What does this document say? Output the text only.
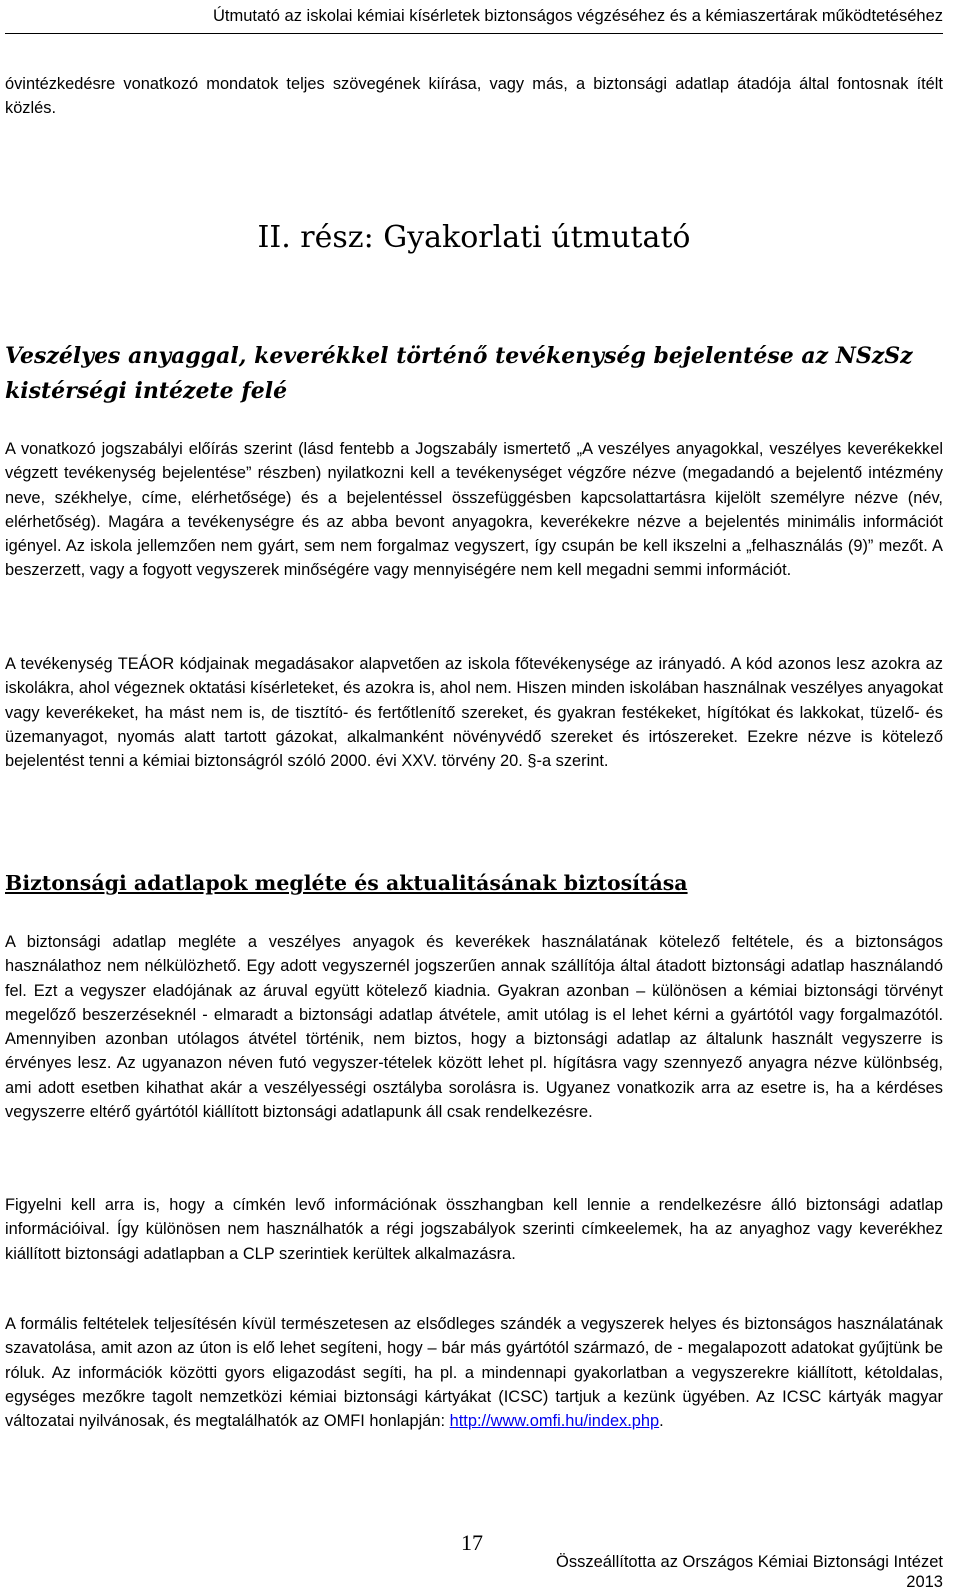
Útmutató az iskolai kémiai kísérletek biztonságos végzéséhez és a kémiaszertárak működtetéséhez

óvintézkedésre vonatkozó mondatok teljes szövegének kiírása, vagy más, a biztonsági adatlap átadója által fontosnak ítélt közlés.

II. rész: Gyakorlati útmutató
Veszélyes anyaggal, keverékkel történő tevékenység bejelentése az NSzSz kistérségi intézete felé

A vonatkozó jogszabályi előírás szerint (lásd fentebb a Jogszabály ismertető „A veszélyes anyagokkal, veszélyes keverékekkel végzett tevékenység bejelentése” részben) nyilatkozni kell a tevékenységet végzőre nézve (megadandó a bejelentő intézmény neve, székhelye, címe, elérhetősége) és a bejelentéssel összefüggésben kapcsolattartásra kijelölt személyre nézve (név, elérhetőség). Magára a tevékenységre és az abba bevont anyagokra, keverékekre nézve a bejelentés minimális információt igényel. Az iskola jellemzően nem gyárt, sem nem forgalmaz vegyszert, így csupán be kell ikszelni a „felhasználás (9)” mezőt. A beszerzett, vagy a fogyott vegyszerek minőségére vagy mennyiségére nem kell megadni semmi információt.

A tevékenység TEÁOR kódjainak megadásakor alapvetően az iskola főtevékenysége az irányadó. A kód azonos lesz azokra az iskolákra, ahol végeznek oktatási kísérleteket, és azokra is, ahol nem. Hiszen minden iskolában használnak veszélyes anyagokat vagy keverékeket, ha mást nem is, de tisztító- és fertőtlenítő szereket, és gyakran festékeket, hígítókat és lakkokat, tüzelő- és üzemanyagot, nyomás alatt tartott gázokat, alkalmanként növényvédő szereket és irtószereket. Ezekre nézve is kötelező bejelentést tenni a kémiai biztonságról szóló 2000. évi XXV. törvény 20. §-a szerint.

Biztonsági adatlapok megléte és aktualitásának biztosítása

A biztonsági adatlap megléte a veszélyes anyagok és keverékek használatának kötelező feltétele, és a biztonságos használathoz nem nélkülözhető. Egy adott vegyszernél jogszerűen annak szállítója által átadott biztonsági adatlap használandó fel. Ezt a vegyszer eladójának az áruval együtt kötelező kiadnia. Gyakran azonban – különösen a kémiai biztonsági törvényt megelőző beszerzéseknél - elmaradt a biztonsági adatlap átvétele, amit utólag is el lehet kérni a gyártótól vagy forgalmazótól. Amennyiben azonban utólagos átvétel történik, nem biztos, hogy a biztonsági adatlap az általunk használt vegyszerre is érvényes lesz. Az ugyanazon néven futó vegyszer-tételek között lehet pl. hígításra vagy szennyező anyagra nézve különbség, ami adott esetben kihathat akár a veszélyességi osztályba sorolásra is. Ugyanez vonatkozik arra az esetre is, ha a kérdéses vegyszerre eltérő gyártótól kiállított biztonsági adatlapunk áll csak rendelkezésre.

Figyelni kell arra is, hogy a címkén levő információnak összhangban kell lennie a rendelkezésre álló biztonsági adatlap információival. Így különösen nem használhatók a régi jogszabályok szerinti címkeelemek, ha az anyaghoz vagy keverékhez kiállított biztonsági adatlapban a CLP szerintiek kerültek alkalmazásra.

A formális feltételek teljesítésén kívül természetesen az elsődleges szándék a vegyszerek helyes és biztonságos használatának szavatolása, amit azon az úton is elő lehet segíteni, hogy – bár más gyártótól származó, de - megalapozott adatokat gyűjtünk be róluk. Az információk közötti gyors eligazodást segíti, ha pl. a mindennapi gyakorlatban a vegyszerekre kiállított, kétoldalas, egységes mezőkre tagolt nemzetközi kémiai biztonsági kártyákat (ICSC) tartjuk a kezünk ügyében. Az ICSC kártyák magyar változatai nyilvánosak, és megtalálhatók az OMFI honlapján: http://www.omfi.hu/index.php.

17
Összeállította az Országos Kémiai Biztonsági Intézet
2013
